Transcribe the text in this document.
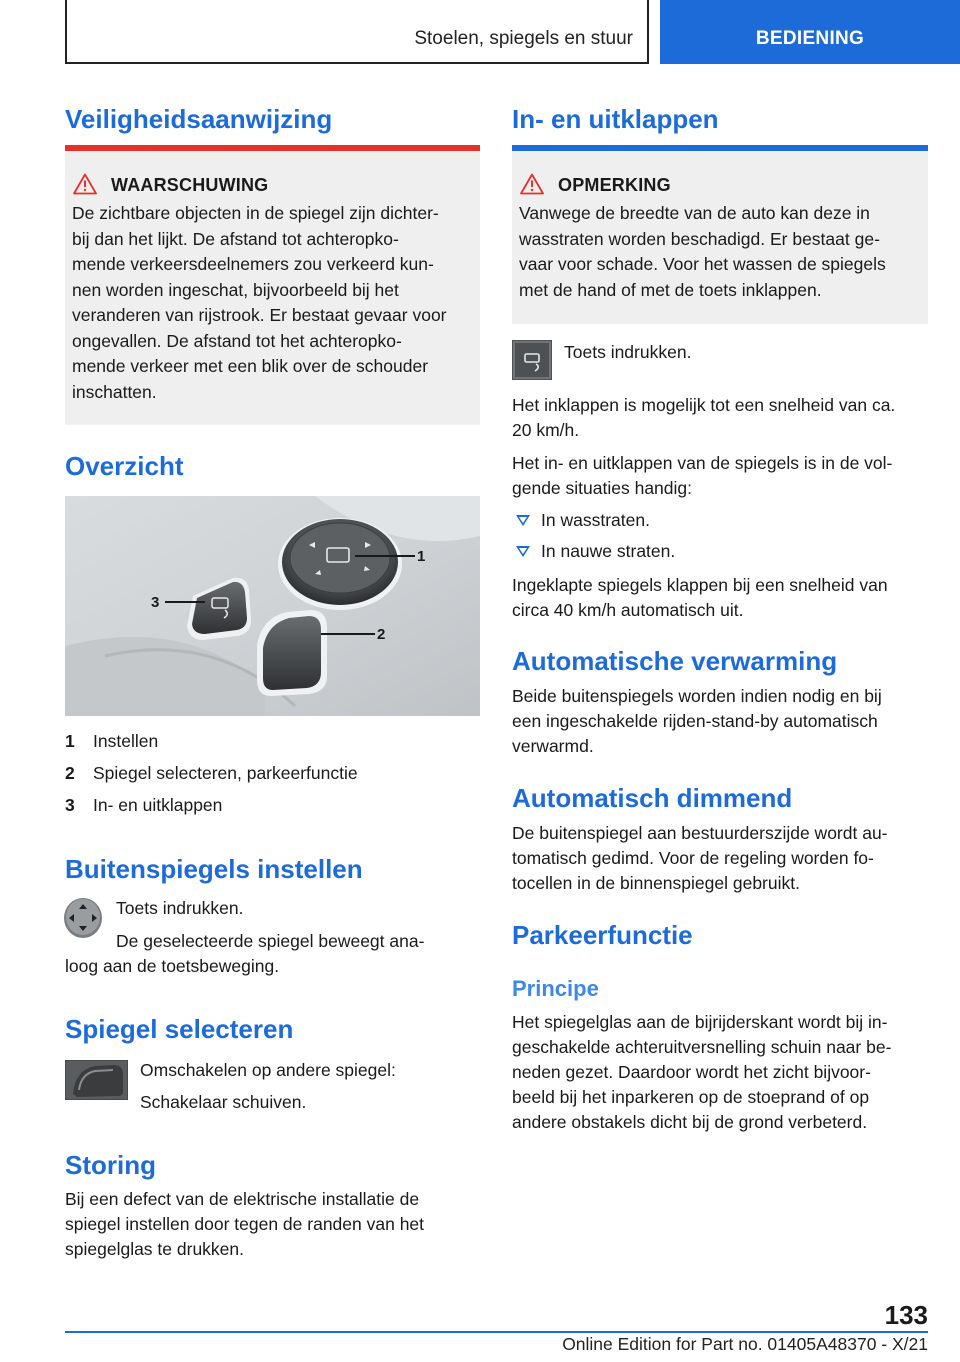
Stoelen, spiegels en stuur	BEDIENING
Veiligheidsaanwijzing
WAARSCHUWING
De zichtbare objecten in de spiegel zijn dichter-
bij dan het lijkt. De afstand tot achteropko-
mende verkeersdeelnemers zou verkeerd kun-
nen worden ingeschat, bijvoorbeeld bij het
veranderen van rijstrook. Er bestaat gevaar voor
ongevallen. De afstand tot het achteropko-
mende verkeer met een blik over de schouder
inschatten.
Overzicht
1
2
3
1 Instellen
2 Spiegel selecteren, parkeerfunctie
3 In- en uitklappen
Buitenspiegels instellen
Toets indrukken.
De geselecteerde spiegel beweegt ana-
loog aan de toetsbeweging.
Spiegel selecteren
Omschakelen op andere spiegel:
Schakelaar schuiven.
Storing
Bij een defect van de elektrische installatie de
spiegel instellen door tegen de randen van het
spiegelglas te drukken.
In- en uitklappen
OPMERKING
Vanwege de breedte van de auto kan deze in
wasstraten worden beschadigd. Er bestaat ge-
vaar voor schade. Voor het wassen de spiegels
met de hand of met de toets inklappen.
Toets indrukken.
Het inklappen is mogelijk tot een snelheid van ca.
20 km/h.
Het in- en uitklappen van de spiegels is in de vol-
gende situaties handig:
In wasstraten.
In nauwe straten.
Ingeklapte spiegels klappen bij een snelheid van
circa 40 km/h automatisch uit.
Automatische verwarming
Beide buitenspiegels worden indien nodig en bij
een ingeschakelde rijden-stand-by automatisch
verwarmd.
Automatisch dimmend
De buitenspiegel aan bestuurderszijde wordt au-
tomatisch gedimd. Voor de regeling worden fo-
tocellen in de binnenspiegel gebruikt.
Parkeerfunctie
Principe
Het spiegelglas aan de bijrijderskant wordt bij in-
geschakelde achteruitversnelling schuin naar be-
neden gezet. Daardoor wordt het zicht bijvoor-
beeld bij het inparkeren op de stoeprand of op
andere obstakels dicht bij de grond verbeterd.
133
Online Edition for Part no. 01405A48370 - X/21
